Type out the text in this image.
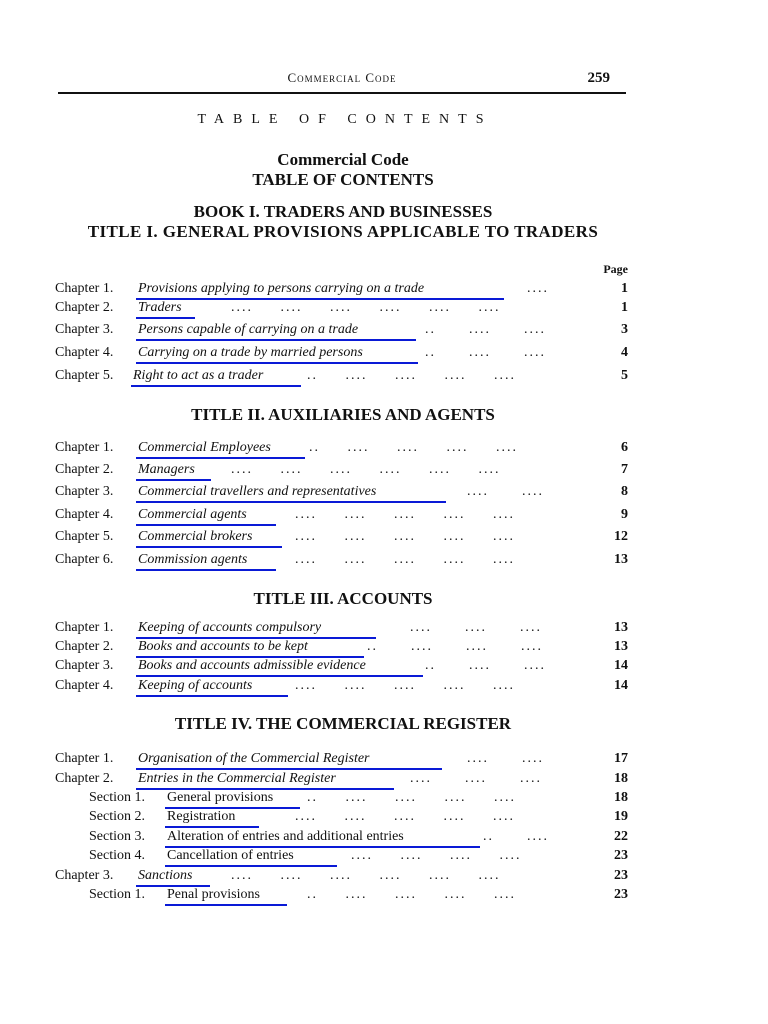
Commercial Code	259
TABLE OF CONTENTS
Commercial Code
TABLE OF CONTENTS
BOOK I. TRADERS AND BUSINESSES
TITLE I. GENERAL PROVISIONS APPLICABLE TO TRADERS
Page
Chapter 1. Provisions applying to persons carrying on a trade	....	1
Chapter 2. Traders	....     ....     ....     ....     ....     ....	1
Chapter 3. Persons capable of carrying on a trade	..      ....      ....	3
Chapter 4. Carrying on a trade by married persons	..      ....      ....	4
Chapter 5. Right to act as a trader	..     ....     ....     ....     ....	5
TITLE II. AUXILIARIES AND AGENTS
Chapter 1. Commercial Employees	..     ....     ....     ....     ....	6
Chapter 2. Managers	....     ....     ....     ....     ....     ....	7
Chapter 3. Commercial travellers and representatives	....      ....	8
Chapter 4. Commercial agents	....     ....     ....     ....     ....	9
Chapter 5. Commercial brokers	....     ....     ....     ....     ....	12
Chapter 6. Commission agents	....     ....     ....     ....     ....	13
TITLE III. ACCOUNTS
Chapter 1. Keeping of accounts compulsory	....      ....      ....	13
Chapter 2. Books and accounts to be kept	..      ....      ....      ....	13
Chapter 3. Books and accounts admissible evidence	..      ....      ....	14
Chapter 4. Keeping of accounts	....     ....     ....     ....     ....	14
TITLE IV. THE COMMERCIAL REGISTER
Chapter 1. Organisation of the Commercial Register	....      ....	17
Chapter 2. Entries in the Commercial Register	....      ....      ....	18
Section 1. General provisions	..     ....     ....     ....     ....	18
Section 2. Registration	....     ....     ....     ....     ....	19
Section 3. Alteration of entries and additional entries	..      ....	22
Section 4. Cancellation of entries	....     ....     ....     ....	23
Chapter 3. Sanctions	....     ....     ....     ....     ....     ....	23
Section 1. Penal provisions	..     ....     ....     ....     ....	23
